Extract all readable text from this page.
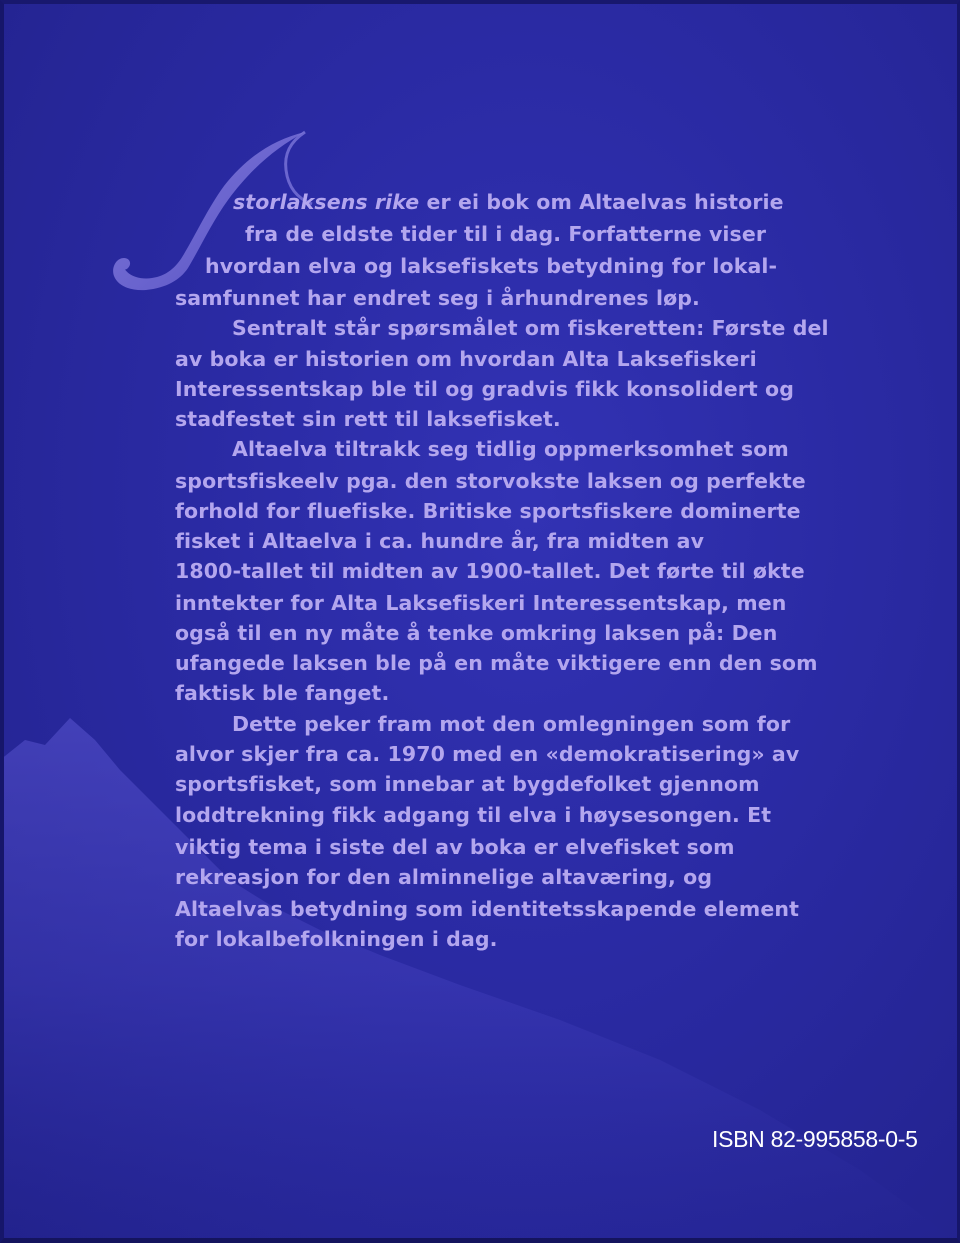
storlaksens rike er ei bok om Altaelvas historie
fra de eldste tider til i dag. Forfatterne viser
hvordan elva og laksefiskets betydning for lokal-
samfunnet har endret seg i århundrenes løp.
Sentralt står spørsmålet om fiskeretten: Første del
av boka er historien om hvordan Alta Laksefiskeri
Interessentskap ble til og gradvis fikk konsolidert og
stadfestet sin rett til laksefisket.
Altaelva tiltrakk seg tidlig oppmerksomhet som
sportsfiskeelv pga. den storvokste laksen og perfekte
forhold for fluefiske. Britiske sportsfiskere dominerte
fisket i Altaelva i ca. hundre år, fra midten av
1800-tallet til midten av 1900-tallet. Det førte til økte
inntekter for Alta Laksefiskeri Interessentskap, men
også til en ny måte å tenke omkring laksen på: Den
ufangede laksen ble på en måte viktigere enn den som
faktisk ble fanget.
Dette peker fram mot den omlegningen som for
alvor skjer fra ca. 1970 med en «demokratisering» av
sportsfisket, som innebar at bygdefolket gjennom
loddtrekning fikk adgang til elva i høysesongen. Et
viktig tema i siste del av boka er elvefisket som
rekreasjon for den alminnelige altaværing, og
Altaelvas betydning som identitetsskapende element
for lokalbefolkningen i dag.
ISBN 82-995858-0-5
